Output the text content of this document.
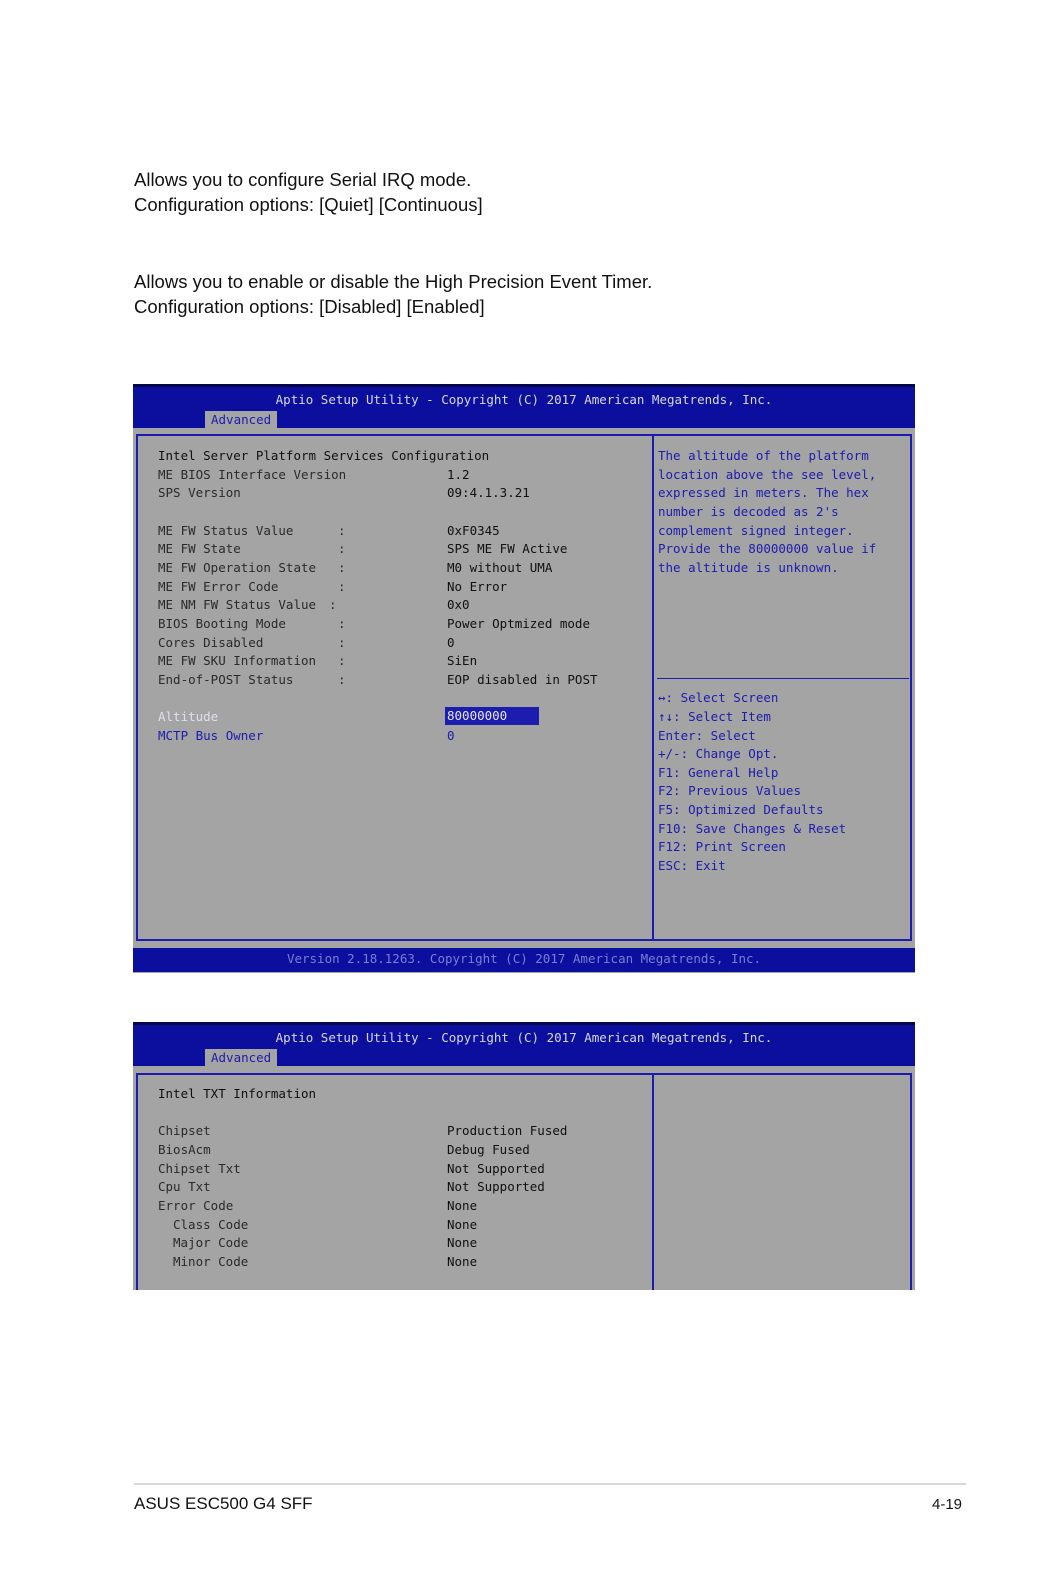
Allows you to configure Serial IRQ mode.
Configuration options: [Quiet] [Continuous]
Allows you to enable or disable the High Precision Event Timer.
Configuration options: [Disabled] [Enabled]
Aptio Setup Utility - Copyright (C) 2017 American Megatrends, Inc.
Advanced
Intel Server Platform Services Configuration
ME BIOS Interface Version	1.2
SPS Version	09:4.1.3.21
ME FW Status Value	:	0xF0345
ME FW State	:	SPS ME FW Active
ME FW Operation State :	M0 without UMA
ME FW Error Code	:	No Error
ME NM FW Status Value :	0x0
BIOS Booting Mode	:	Power Optmized mode
Cores Disabled	:	0
ME FW SKU Information :	SiEn
End-of-POST Status	:	EOP disabled in POST
Altitude	80000000
MCTP Bus Owner	0
The altitude of the platform
location above the see level,
expressed in meters. The hex
number is decoded as 2's
complement signed integer.
Provide the 80000000 value if
the altitude is unknown.
↔: Select Screen
↑↓: Select Item
Enter: Select
+/-: Change Opt.
F1: General Help
F2: Previous Values
F5: Optimized Defaults
F10: Save Changes & Reset
F12: Print Screen
ESC: Exit
Version 2.18.1263. Copyright (C) 2017 American Megatrends, Inc.
Aptio Setup Utility - Copyright (C) 2017 American Megatrends, Inc.
Advanced
Intel TXT Information
Chipset	Production Fused
BiosAcm	Debug Fused
Chipset Txt	Not Supported
Cpu Txt	Not Supported
Error Code	None
Class Code	None
Major Code	None
Minor Code	None
ASUS ESC500 G4 SFF	4-19
